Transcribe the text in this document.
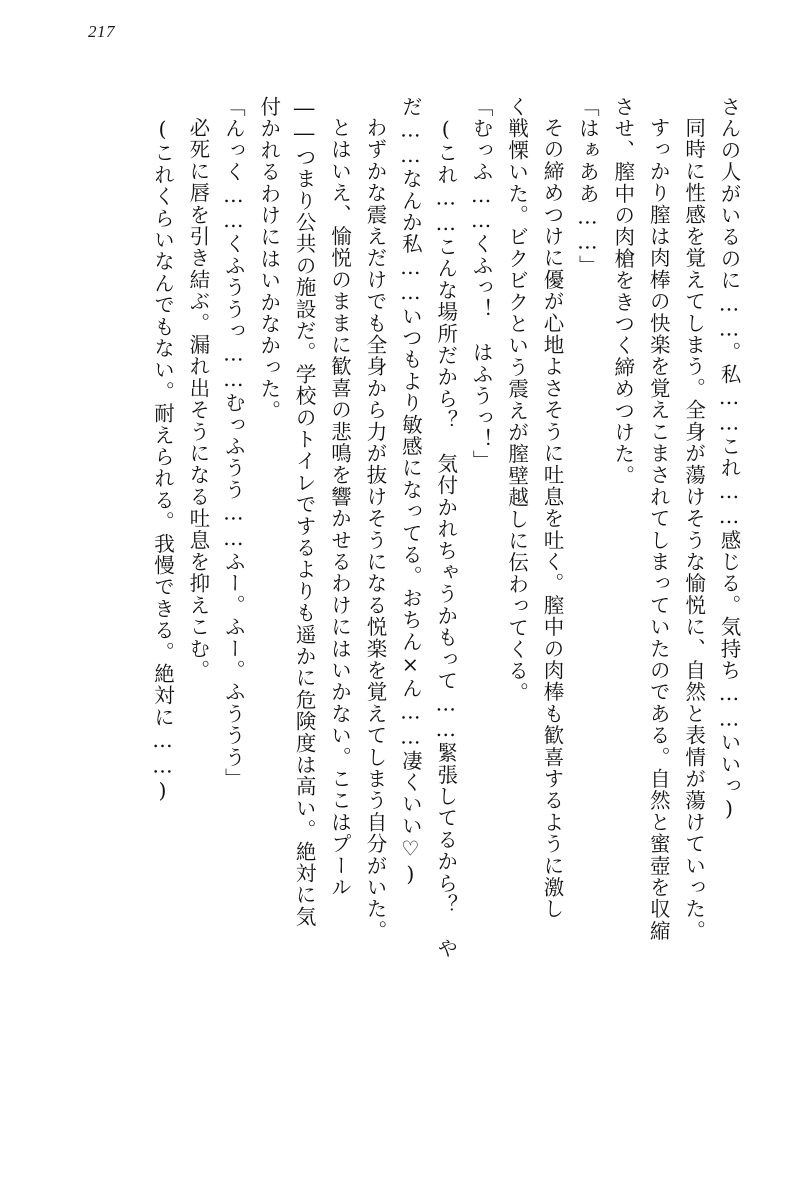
217

さんの人がいるのに……。私……これ……感じる。気持ち……いいっ)

同時に性感を覚えてしまう。全身が蕩けそうな愉悦に、自然と表情が蕩けていった。

すっかり膣は肉棒の快楽を覚えこまされてしまっていたのである。自然と蜜壺を収縮

させ、膣中の肉槍をきつく締めつけた。

「はぁああ……」

その締めつけに優が心地よさそうに吐息を吐く。膣中の肉棒も歓喜するように激し

く戦慄いた。ビクビクという震えが膣壁越しに伝わってくる。

「むっふ……くふっ！　はふうっ！」

(これ……こんな場所だから？　気付かれちゃうかもって……緊張してるから？　や

だ……なんか私……いつもより敏感になってる。おちん×ん……凄くいい♡)

わずかな震えだけでも全身から力が抜けそうになる悦楽を覚えてしまう自分がいた。

とはいえ、愉悦のままに歓喜の悲鳴を響かせるわけにはいかない。ここはプール

――つまり公共の施設だ。学校のトイレでするよりも遥かに危険度は高い。絶対に気

付かれるわけにはいかなかった。

「んっく……くふううっ……むっふうう……ふー。ふー。ふううう」

必死に唇を引き結ぶ。漏れ出そうになる吐息を抑えこむ。

(これくらいなんでもない。耐えられる。我慢できる。絶対に……)
